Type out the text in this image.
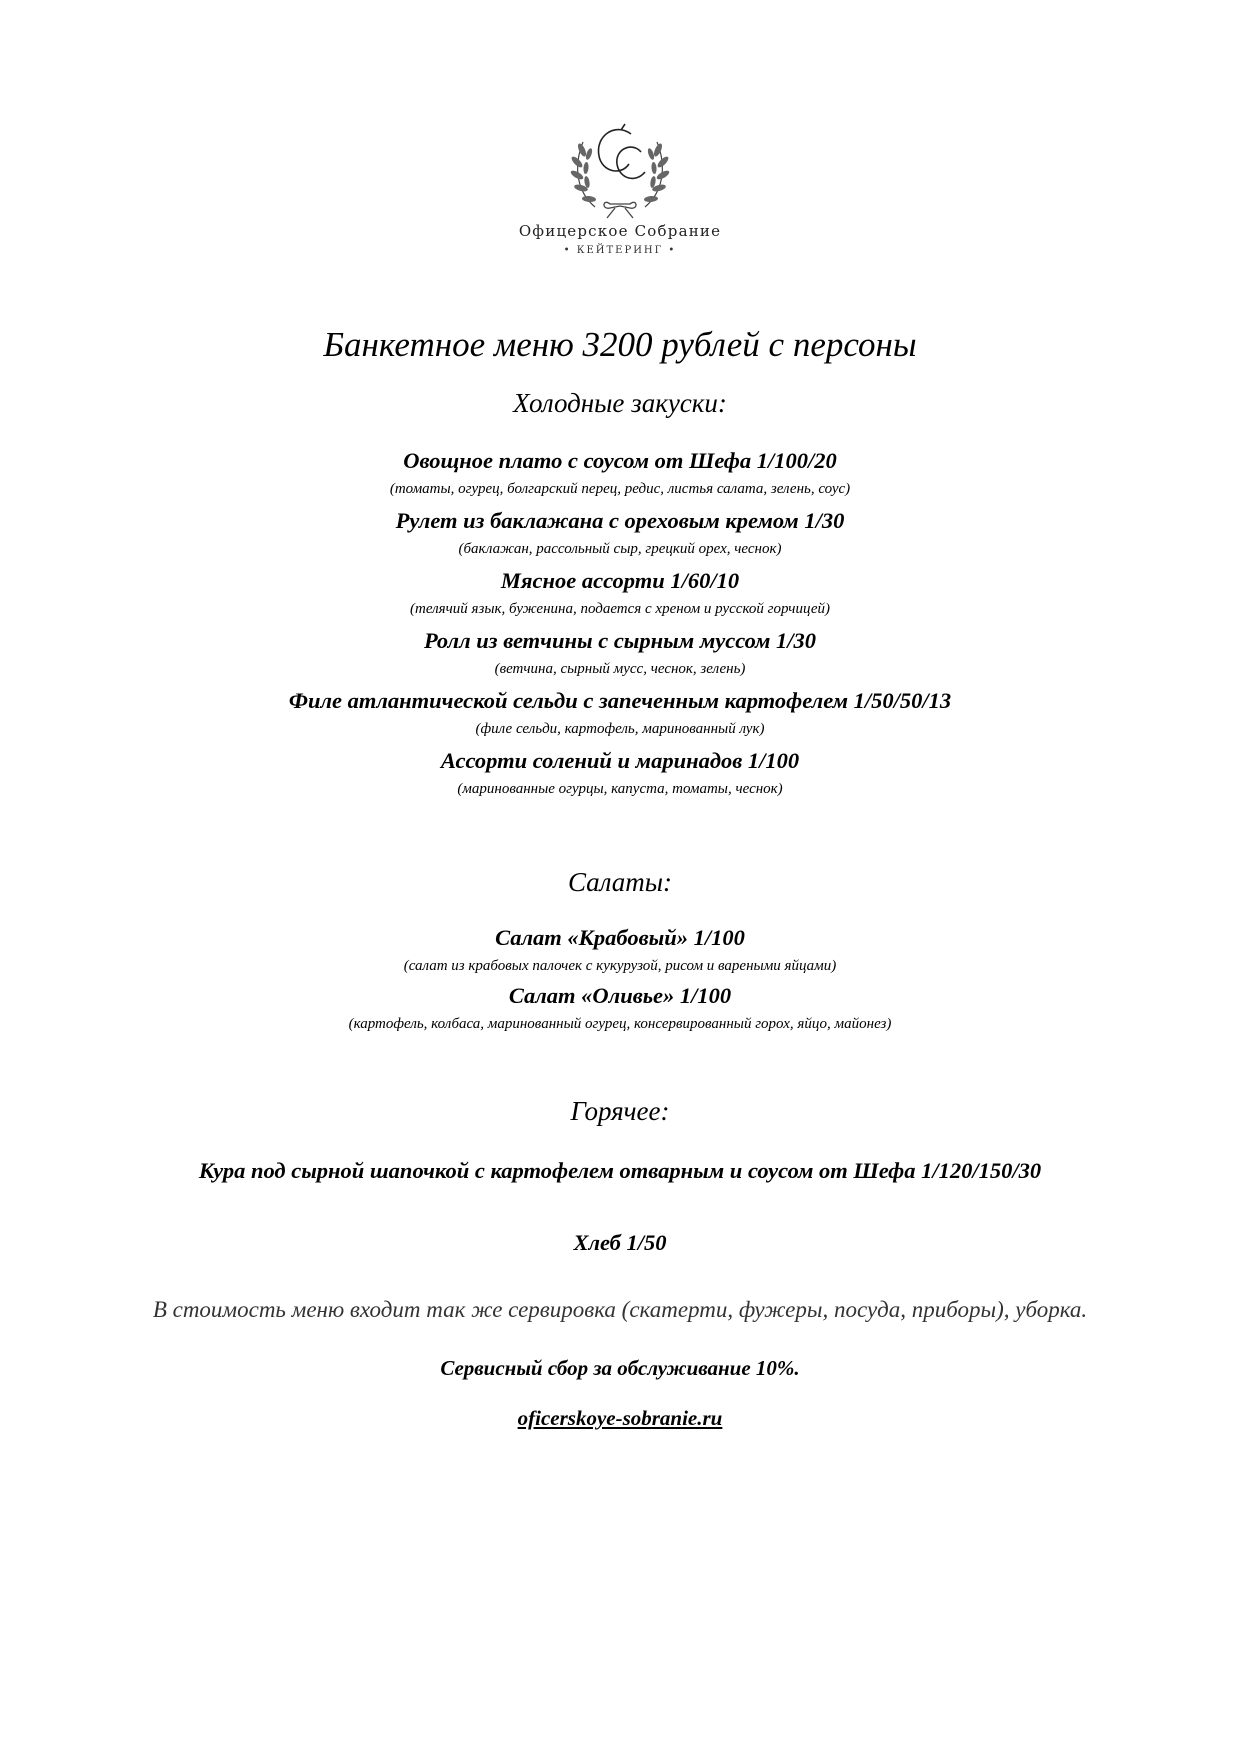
Офицерское Собрание
• КЕЙТЕРИНГ •
Банкетное меню 3200 рублей с персоны
Холодные закуски:
Овощное плато с соусом от Шефа 1/100/20
(томаты, огурец, болгарский перец, редис, листья салата, зелень, соус)
Рулет из баклажана с ореховым кремом 1/30
(баклажан, рассольный сыр, грецкий орех, чеснок)
Мясное ассорти 1/60/10
(телячий язык, буженина, подается с хреном и русской горчицей)
Ролл из ветчины с сырным муссом 1/30
(ветчина, сырный мусс, чеснок, зелень)
Филе атлантической сельди с запеченным картофелем 1/50/50/13
(филе сельди, картофель, маринованный лук)
Ассорти солений и маринадов 1/100
(маринованные огурцы, капуста, томаты, чеснок)
Салаты:
Салат «Крабовый» 1/100
(салат из крабовых палочек с кукурузой, рисом и вареными яйцами)
Салат «Оливье» 1/100
(картофель, колбаса, маринованный огурец, консервированный горох, яйцо, майонез)
Горячее:
Кура под сырной шапочкой с картофелем отварным и соусом от Шефа 1/120/150/30
Хлеб 1/50
В стоимость меню входит так же сервировка (скатерти, фужеры, посуда, приборы), уборка.
Сервисный сбор за обслуживание 10%.
oficerskoye-sobranie.ru
